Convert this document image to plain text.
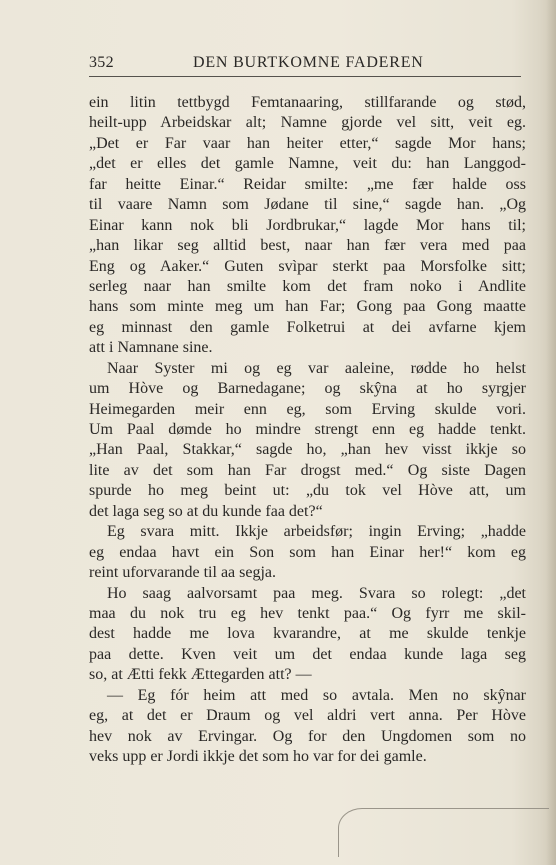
352	DEN BURTKOMNE FADEREN
ein litin tettbygd Femtanaaring, stillfarande og stød,
heilt-upp Arbeidskar alt; Namne gjorde vel sitt, veit eg.
„Det er Far vaar han heiter etter,“ sagde Mor hans;
„det er elles det gamle Namne, veit du: han Langgod-
far heitte Einar.“ Reidar smilte: „me fær halde oss
til vaare Namn som Jødane til sine,“ sagde han. „Og
Einar kann nok bli Jordbrukar,“ lagde Mor hans til;
„han likar seg alltid best, naar han fær vera med paa
Eng og Aaker.“ Guten svìpar sterkt paa Morsfolke sitt;
serleg naar han smilte kom det fram noko i Andlite
hans som minte meg um han Far; Gong paa Gong maatte
eg minnast den gamle Folketrui at dei avfarne kjem
att i Namnane sine.
Naar Syster mi og eg var aaleine, rødde ho helst
um Hòve og Barnedagane; og skŷna at ho syrgjer
Heimegarden meir enn eg, som Erving skulde vori.
Um Paal dømde ho mindre strengt enn eg hadde tenkt.
„Han Paal, Stakkar,“ sagde ho, „han hev visst ikkje so
lite av det som han Far drogst med.“ Og siste Dagen
spurde ho meg beint ut: „du tok vel Hòve att, um
det laga seg so at du kunde faa det?“
Eg svara mitt. Ikkje arbeidsfør; ingin Erving; „hadde
eg endaa havt ein Son som han Einar her!“ kom eg
reint uforvarande til aa segja.
Ho saag aalvorsamt paa meg. Svara so rolegt: „det
maa du nok tru eg hev tenkt paa.“ Og fyrr me skil-
dest hadde me lova kvarandre, at me skulde tenkje
paa dette. Kven veit um det endaa kunde laga seg
so, at Ætti fekk Ættegarden att? —
— Eg fór heim att med so avtala. Men no skŷnar
eg, at det er Draum og vel aldri vert anna. Per Hòve
hev nok av Ervingar. Og for den Ungdomen som no
veks upp er Jordi ikkje det som ho var for dei gamle.
